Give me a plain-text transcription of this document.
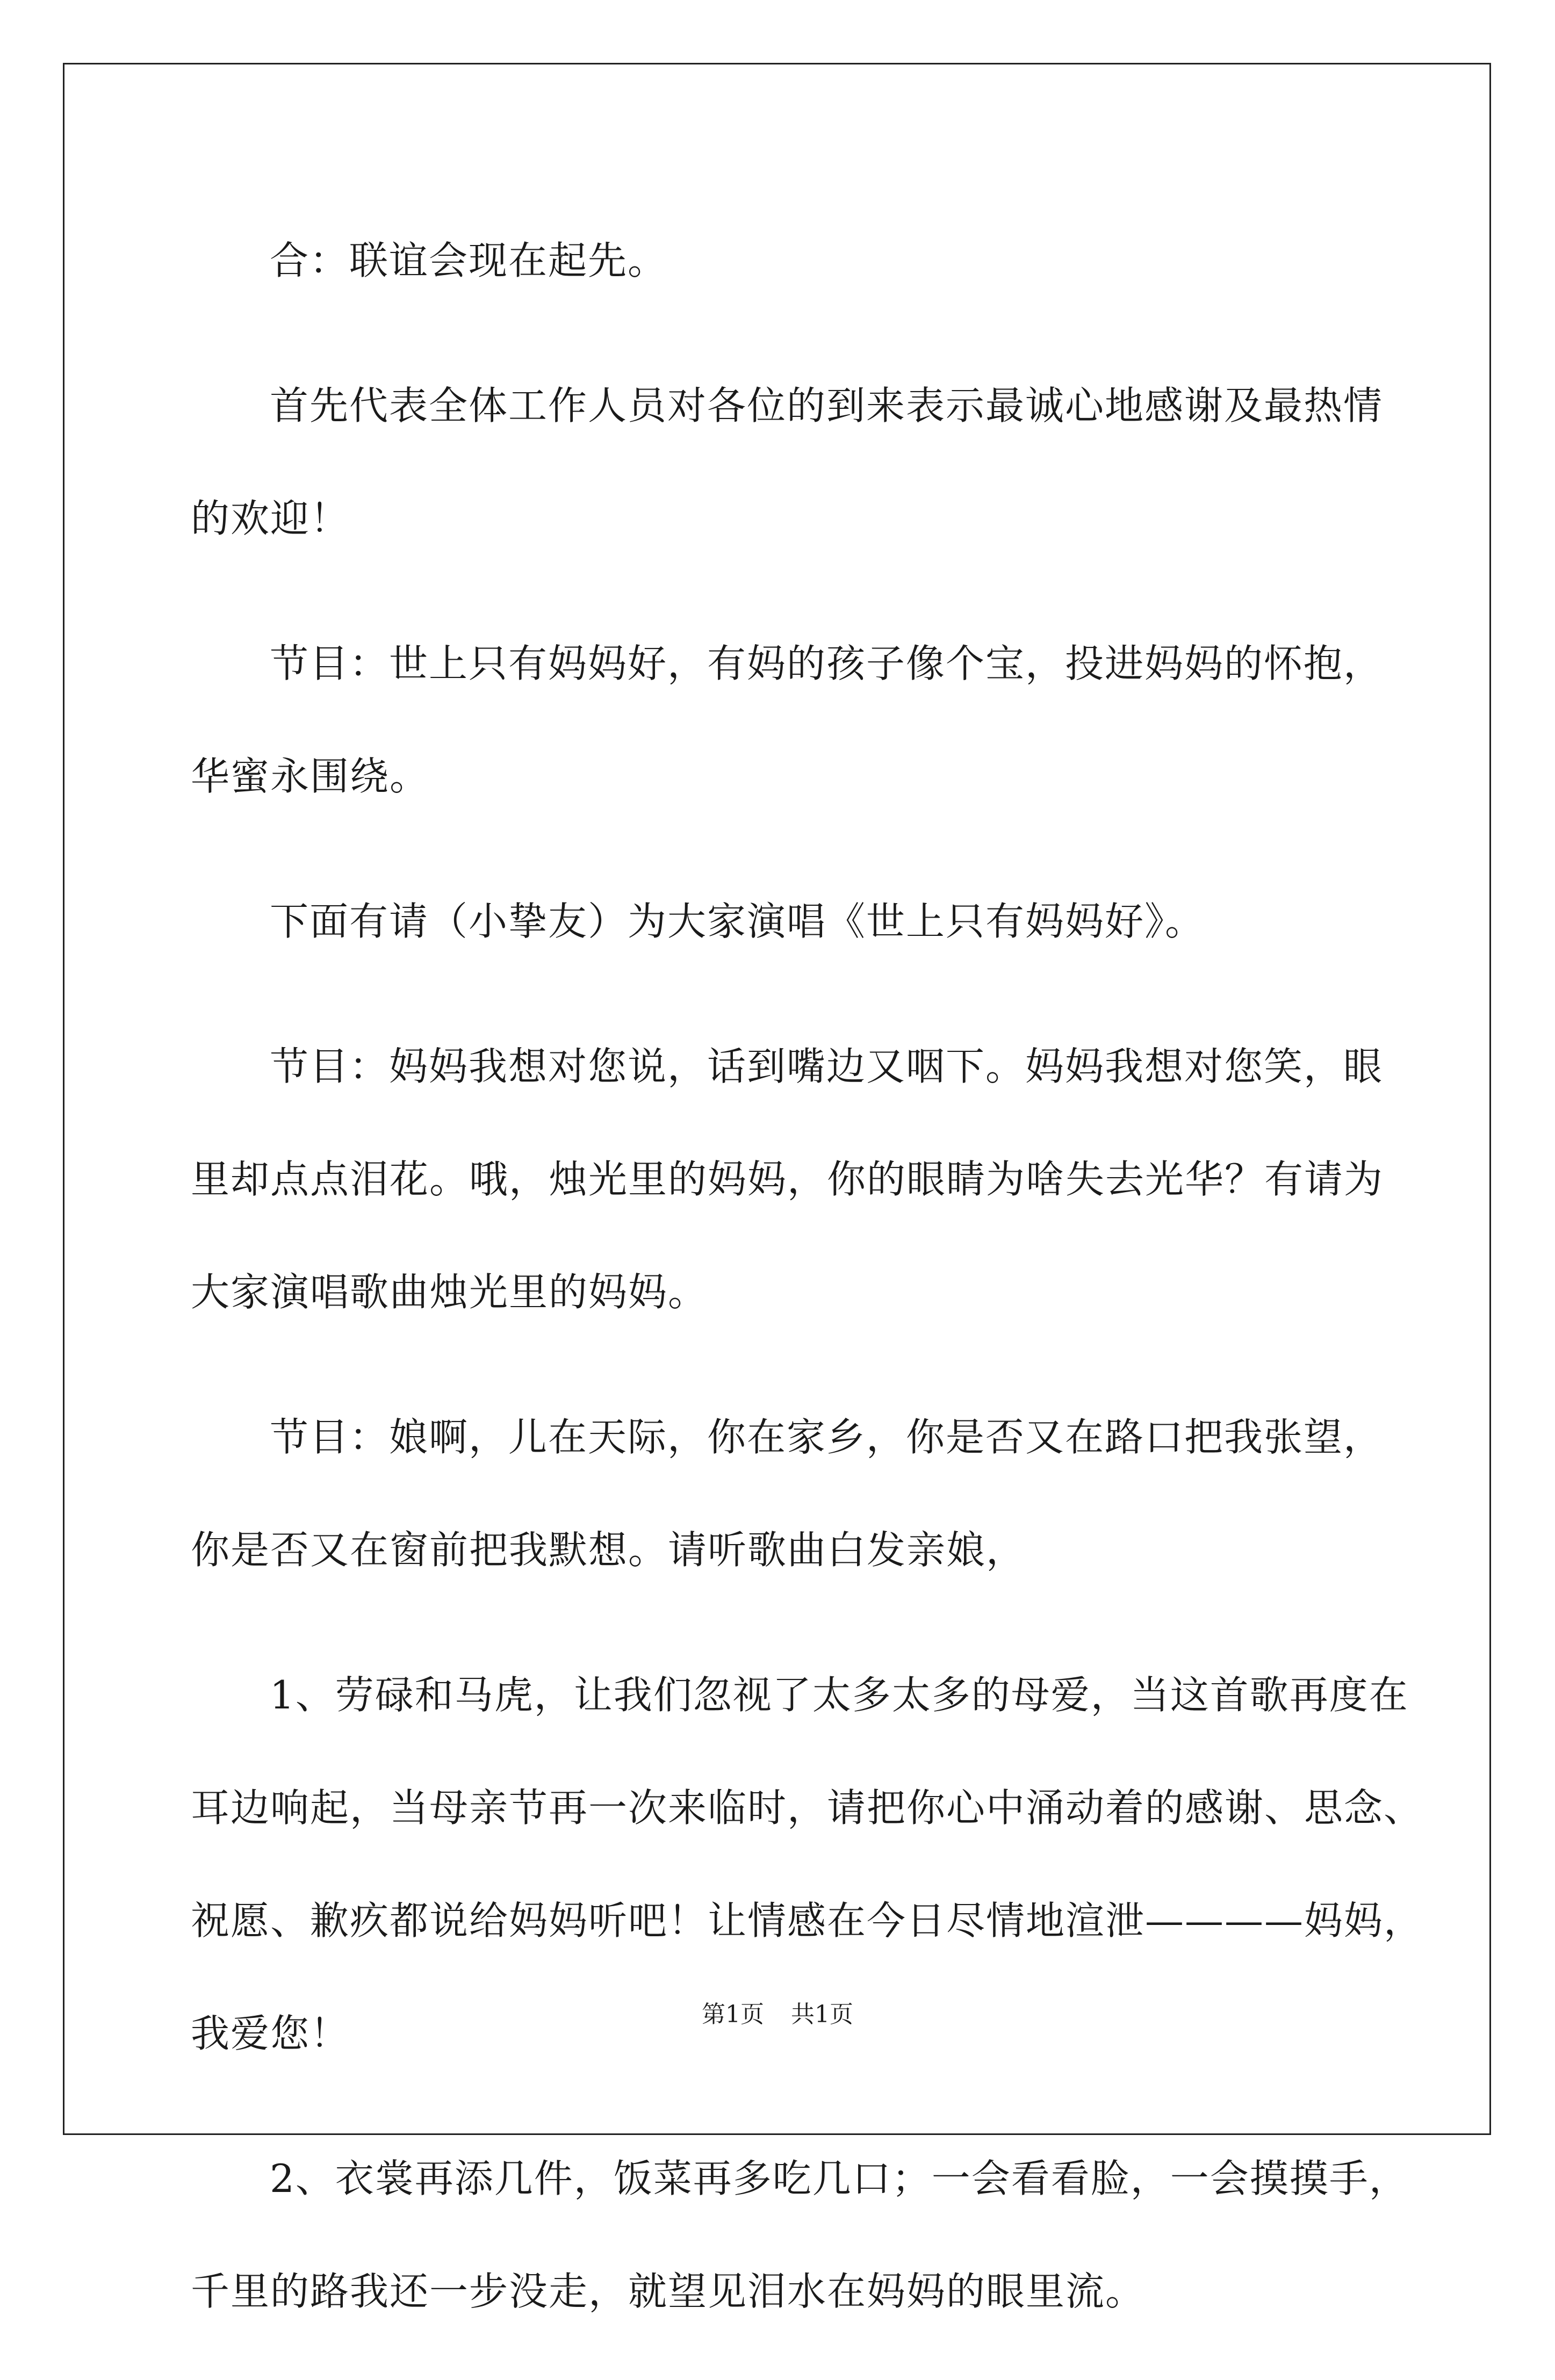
合：联谊会现在起先。

首先代表全体工作人员对各位的到来表示最诚心地感谢及最热情
的欢迎！

节目：世上只有妈妈好，有妈的孩子像个宝，投进妈妈的怀抱，
华蜜永围绕。

下面有请（小挚友）为大家演唱《世上只有妈妈好》。

节目：妈妈我想对您说，话到嘴边又咽下。妈妈我想对您笑，眼
里却点点泪花。哦，烛光里的妈妈，你的眼睛为啥失去光华？有请为
大家演唱歌曲烛光里的妈妈。

节目：娘啊，儿在天际，你在家乡，你是否又在路口把我张望，
你是否又在窗前把我默想。请听歌曲白发亲娘，

1、劳碌和马虎，让我们忽视了太多太多的母爱，当这首歌再度在
耳边响起，当母亲节再一次来临时，请把你心中涌动着的感谢、思念、
祝愿、歉疚都说给妈妈听吧！让情感在今日尽情地渲泄————妈妈，
我爱您！

2、衣裳再添几件，饭菜再多吃几口；一会看看脸，一会摸摸手，
千里的路我还一步没走，就望见泪水在妈妈的眼里流。

第1页 共1页
